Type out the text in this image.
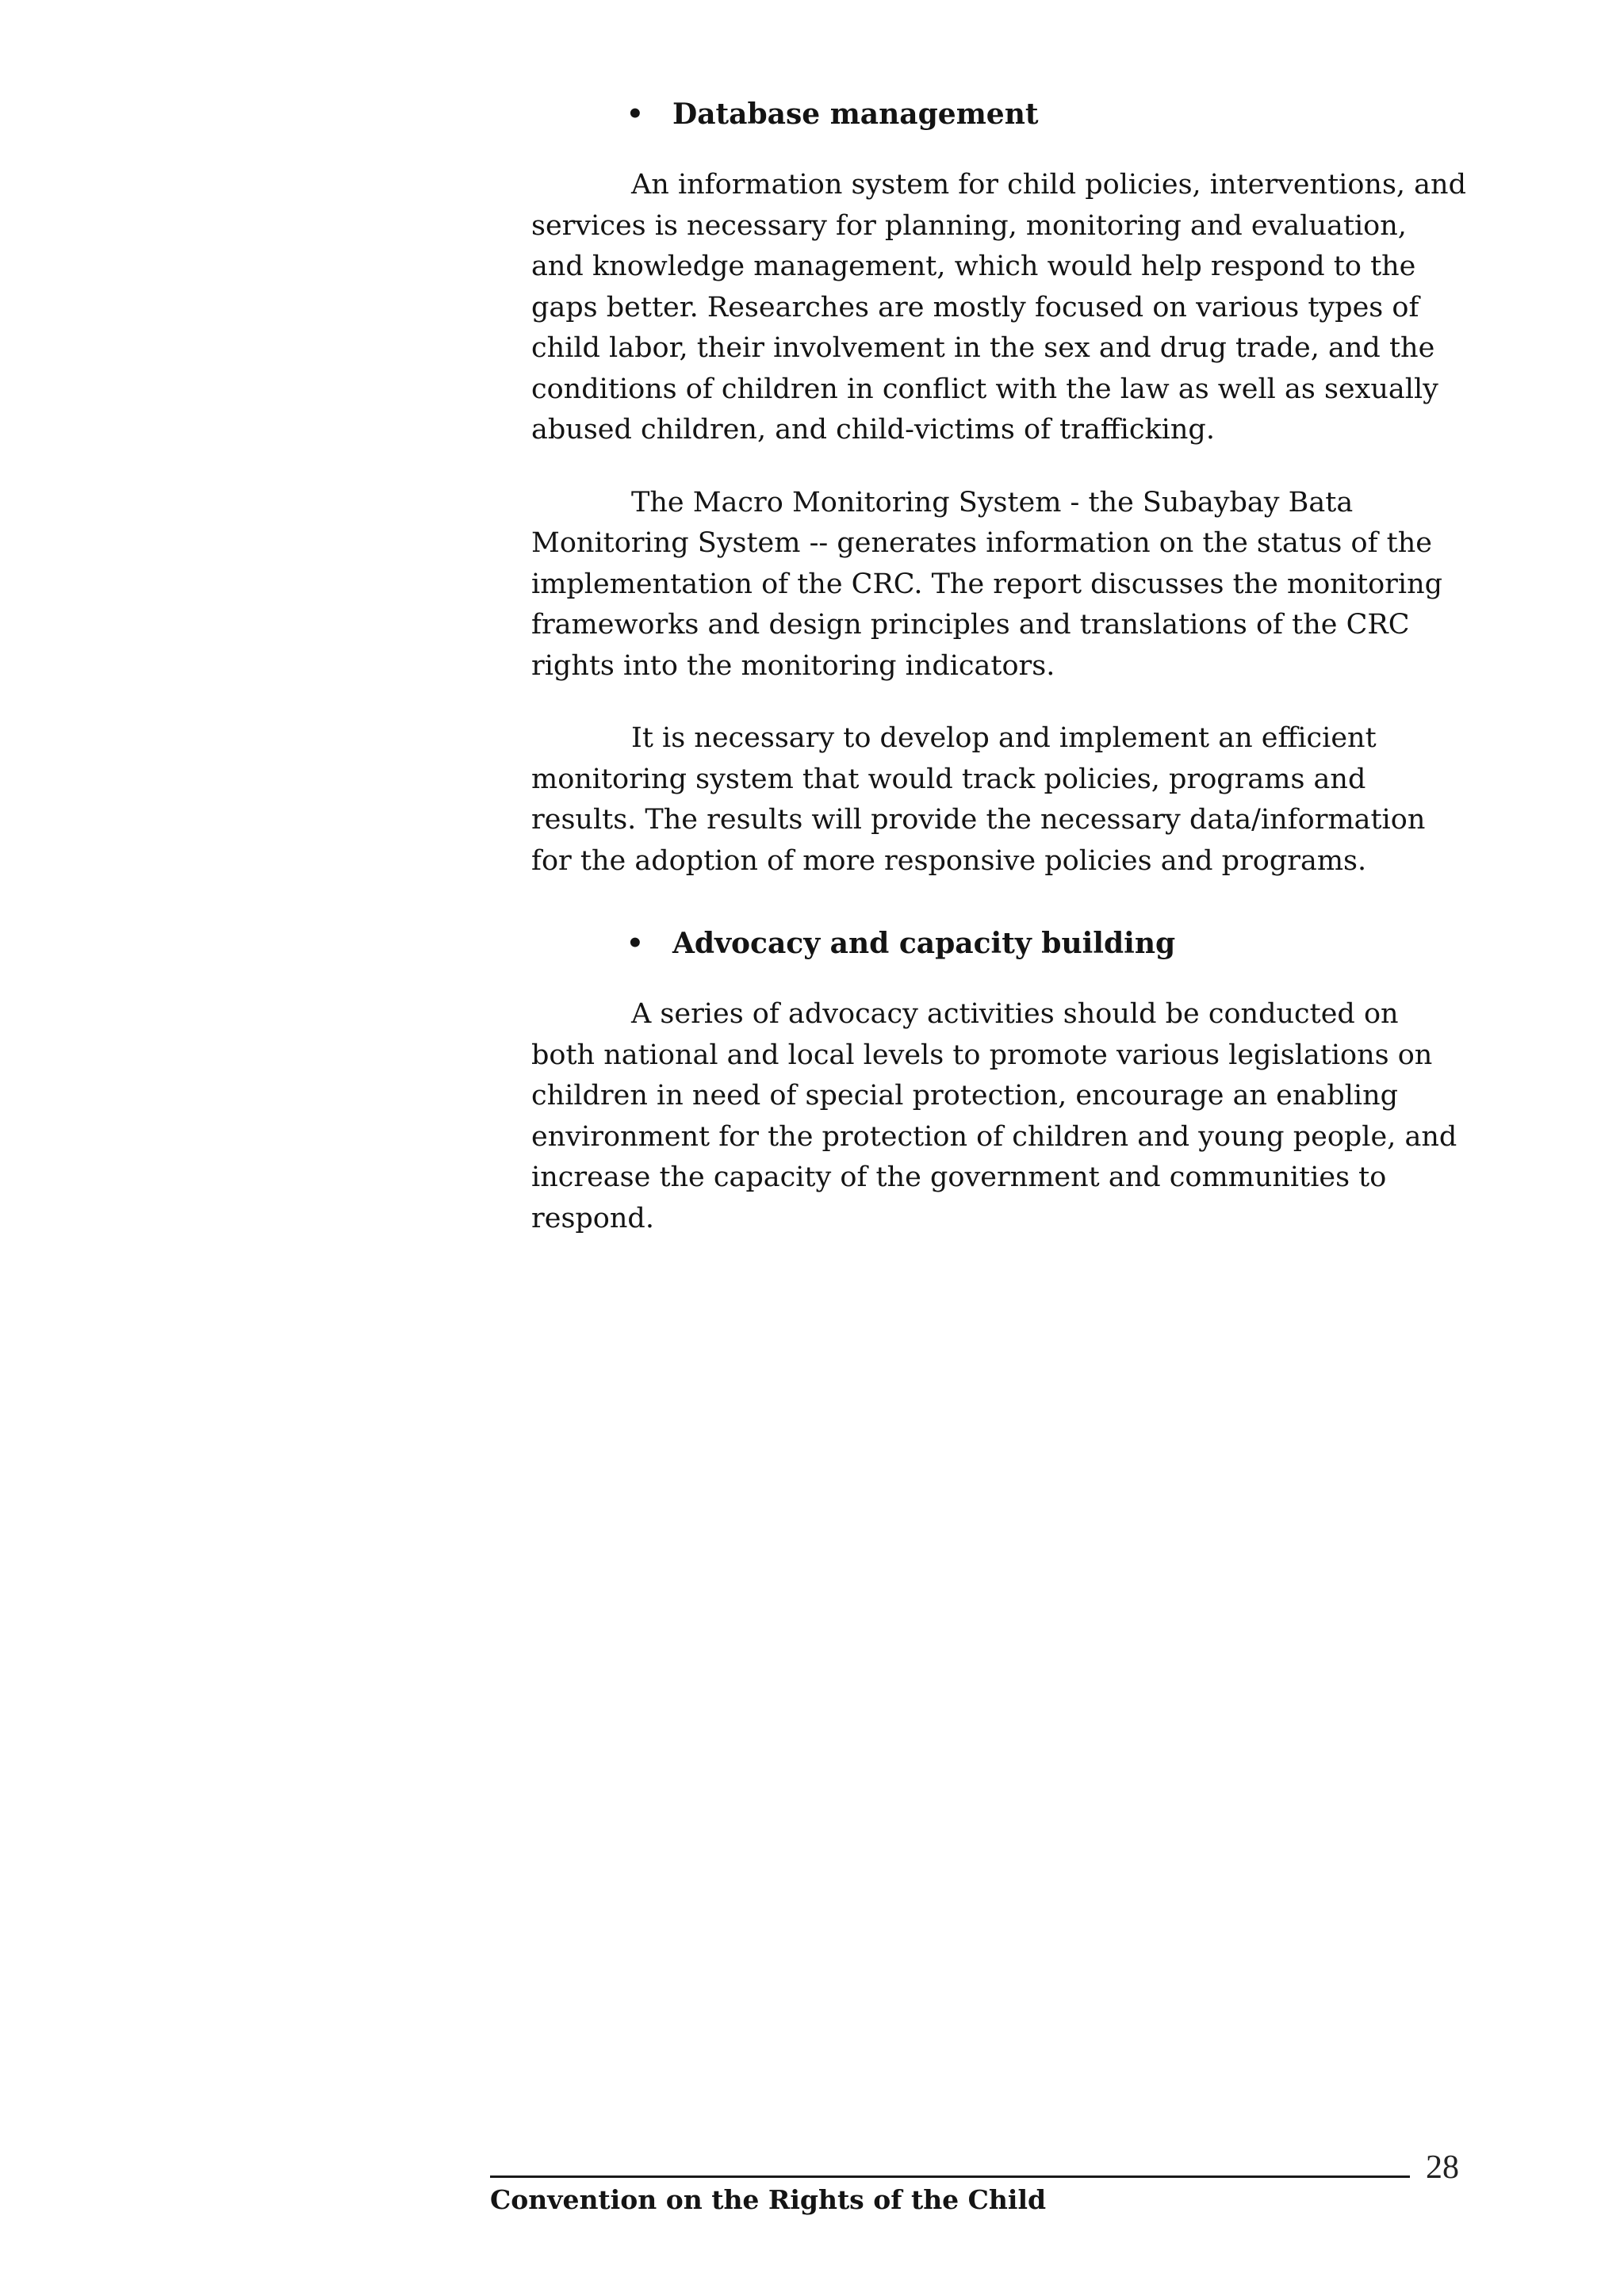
•	Database management

An information system for child policies, interventions, and services is necessary for planning, monitoring and evaluation, and knowledge management, which would help respond to the gaps better. Researches are mostly focused on various types of child labor, their involvement in the sex and drug trade, and the conditions of children in conflict with the law as well as sexually abused children, and child-victims of trafficking.

The Macro Monitoring System - the Subaybay Bata Monitoring System -- generates information on the status of the implementation of the CRC. The report discusses the monitoring frameworks and design principles and translations of the CRC rights into the monitoring indicators.

It is necessary to develop and implement an efficient monitoring system that would track policies, programs and results. The results will provide the necessary data/information for the adoption of more responsive policies and programs.

•	Advocacy and capacity building

A series of advocacy activities should be conducted on both national and local levels to promote various legislations on children in need of special protection, encourage an enabling environment for the protection of children and young people, and increase the capacity of the government and communities to respond.

28
Convention on the Rights of the Child
